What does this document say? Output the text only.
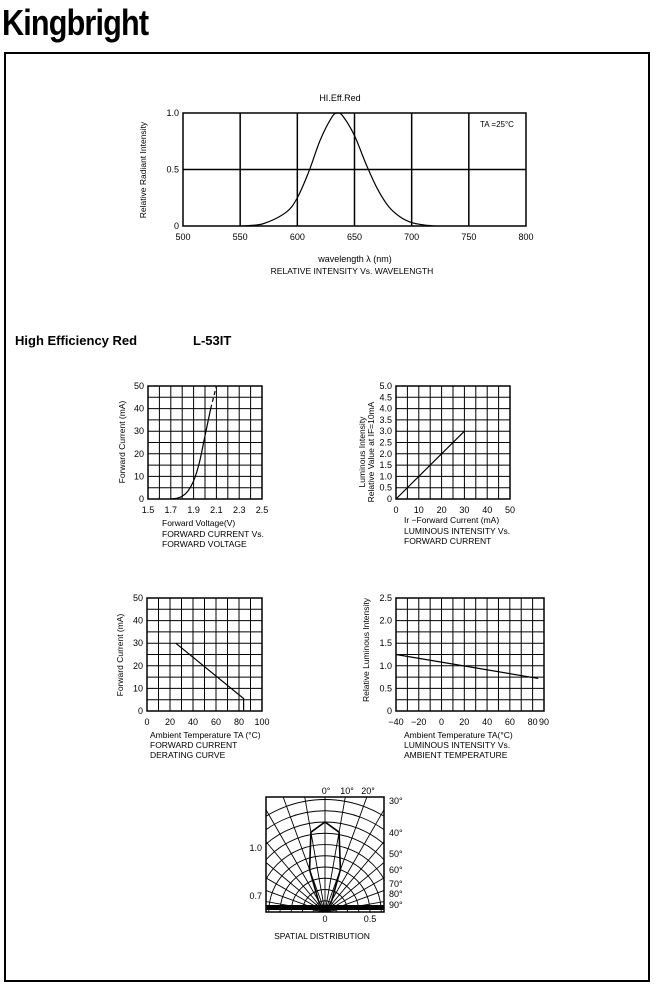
Kingbright
High Efficiency Red	L-53IT
500	550	600	650	700	750	800
0
0.5
1.0
HI.Eff.Red
TA =25°C
wavelength λ (nm)
RELATIVE INTENSITY Vs. WAVELENGTH
Relative Radiant Intensity
1.5 1.7 1.9 2.1 2.3 2.5
0
10
20
30
40
50
Forward Voltage(V)
FORWARD CURRENT Vs.
FORWARD VOLTAGE
Forward Current (mA)
0 10 20 30 40 50
0
0.5
1.0
1.5
2.0
2.5
3.0
3.5
4.0
4.5
5.0
Ir −Forward Current (mA)
LUMINOUS INTENSITY Vs.
FORWARD CURRENT
Luminous Intensity Relative Value at IF=10mA
0 20 40 60 80 100
0
10
20
30
40
50
Ambient Temperature TA (°C)
FORWARD CURRENT
DERATING CURVE
Forward Current (mA)
−40 −20 0 20 40 60 80 90
0
0.5
1.0
1.5
2.0
2.5
Ambient Temperature TA(°C)
LUMINOUS INTENSITY Vs.
AMBIENT TEMPERATURE
Relative Luminous Intensity
0° 10° 20°
30°
40°
50°
60°
70°
80°
90°
1.0
0.7
0	0.5
SPATIAL DISTRIBUTION
